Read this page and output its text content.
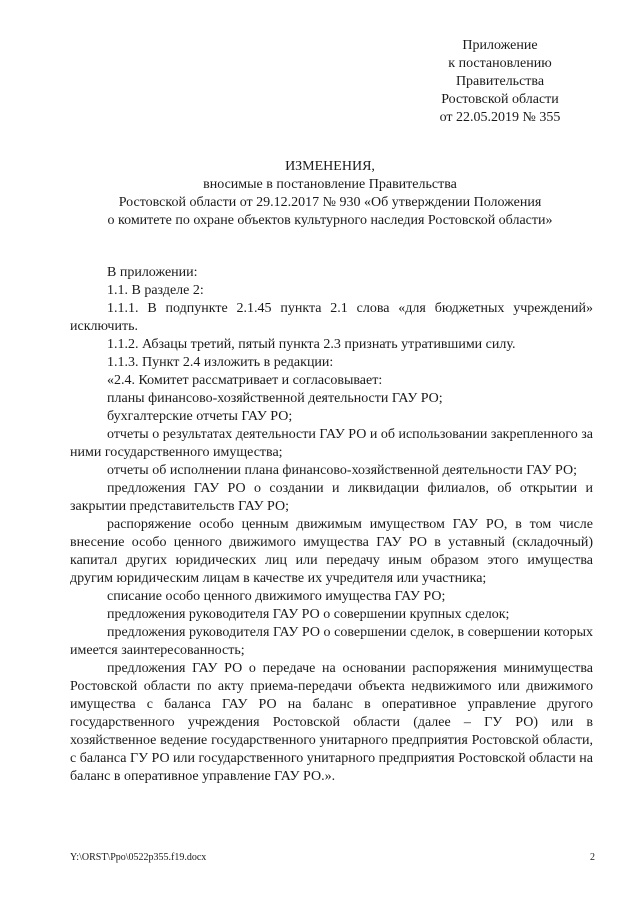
Приложение
к постановлению
Правительства
Ростовской области
от 22.05.2019 № 355
ИЗМЕНЕНИЯ,
вносимые в постановление Правительства
Ростовской области от 29.12.2017 № 930 «Об утверждении Положения
о комитете по охране объектов культурного наследия Ростовской области»

В приложении:

1.1. В разделе 2:

1.1.1. В подпункте 2.1.45 пункта 2.1 слова «для бюджетных учреждений» исключить.

1.1.2. Абзацы третий, пятый пункта 2.3 признать утратившими силу.

1.1.3. Пункт 2.4 изложить в редакции:

«2.4. Комитет рассматривает и согласовывает:

планы финансово-хозяйственной деятельности ГАУ РО;

бухгалтерские отчеты ГАУ РО;

отчеты о результатах деятельности ГАУ РО и об использовании закрепленного за ними государственного имущества;

отчеты об исполнении плана финансово-хозяйственной деятельности ГАУ РО;

предложения ГАУ РО о создании и ликвидации филиалов, об открытии и закрытии представительств ГАУ РО;

распоряжение особо ценным движимым имуществом ГАУ РО, в том числе внесение особо ценного движимого имущества ГАУ РО в уставный (складочный) капитал других юридических лиц или передачу иным образом этого имущества другим юридическим лицам в качестве их учредителя или участника;

списание особо ценного движимого имущества ГАУ РО;

предложения руководителя ГАУ РО о совершении крупных сделок;

предложения руководителя ГАУ РО о совершении сделок, в совершении которых имеется заинтересованность;

предложения ГАУ РО о передаче на основании распоряжения минимущества Ростовской области по акту приема-передачи объекта недвижимого или движимого имущества с баланса ГАУ РО на баланс в оперативное управление другого государственного учреждения Ростовской области (далее – ГУ РО) или в хозяйственное ведение государственного унитарного предприятия Ростовской области, с баланса ГУ РО или государственного унитарного предприятия Ростовской области на баланс в оперативное управление ГАУ РО.».

Y:\ORST\Ppo\0522p355.f19.docx	2
